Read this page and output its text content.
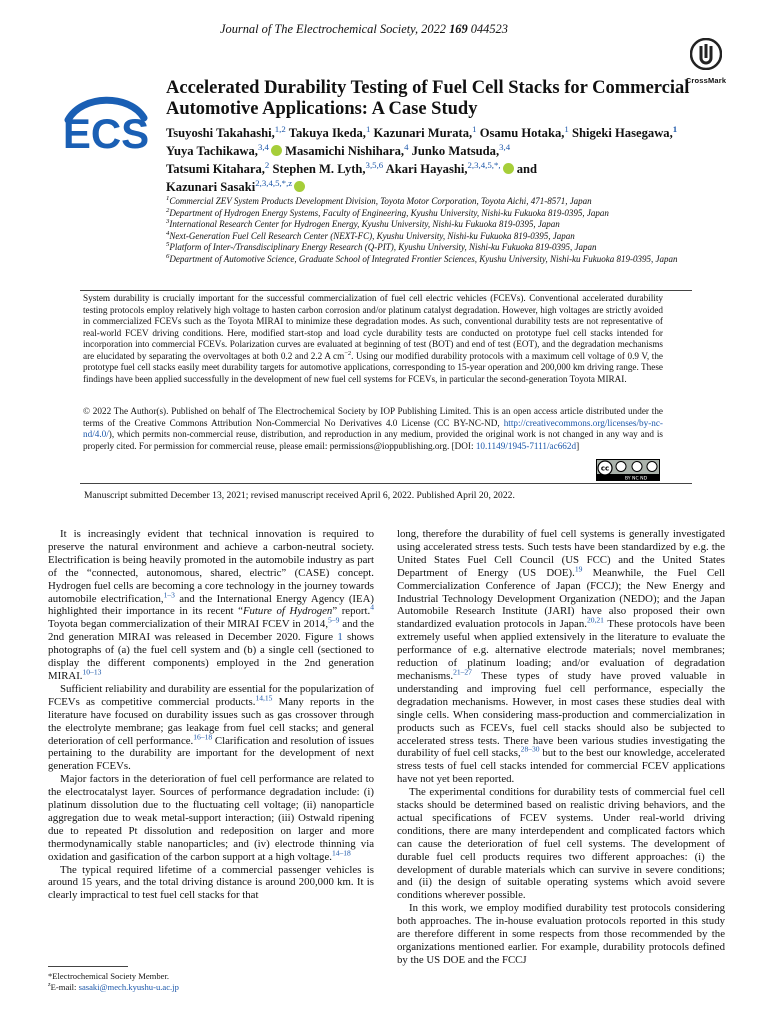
Journal of The Electrochemical Society, 2022 169 044523
CrossMark
ECS
Accelerated Durability Testing of Fuel Cell Stacks for Commercial Automotive Applications: A Case Study
Tsuyoshi Takahashi,$^{1,2}$ Takuya Ikeda,$^1$ Kazunari Murata,$^1$ Osamu Hotaka,$^1$ Shigeki Hasegawa,$^1$ Yuya Tachikawa,$^{3,4}$ Masamichi Nishihara,$^4$ Junko Matsuda,$^{3,4}$
Tatsumi Kitahara,$^2$ Stephen M. Lyth,$^{3,5,6}$ Akari Hayashi,$^{2,3,4,5,*,}$ and
Kazunari Sasaki$^{2,3,4,5,*,z}$
$^1$Commercial ZEV System Products Development Division, Toyota Motor Corporation, Toyota Aichi, 471-8571, Japan
$^2$Department of Hydrogen Energy Systems, Faculty of Engineering, Kyushu University, Nishi-ku Fukuoka 819-0395, Japan
$^3$International Research Center for Hydrogen Energy, Kyushu University, Nishi-ku Fukuoka 819-0395, Japan
$^4$Next-Generation Fuel Cell Research Center (NEXT-FC), Kyushu University, Nishi-ku Fukuoka 819-0395, Japan
$^5$Platform of Inter-/Transdisciplinary Energy Research (Q-PIT), Kyushu University, Nishi-ku Fukuoka 819-0395, Japan
$^6$Department of Automotive Science, Graduate School of Integrated Frontier Sciences, Kyushu University, Nishi-ku Fukuoka 819-0395, Japan

System durability is crucially important for the successful commercialization of fuel cell electric vehicles (FCEVs). Conventional accelerated durability testing protocols employ relatively high voltage to hasten carbon corrosion and/or platinum catalyst degradation. However, high voltages are strictly avoided in commercialized FCEVs such as the Toyota MIRAI to minimize these degradation modes. As such, conventional durability tests are not representative of real-world FCEV driving conditions. Here, modified start-stop and load cycle durability tests are conducted on prototype fuel cell stacks intended for incorporation into commercial FCEVs. Polarization curves are evaluated at beginning of test (BOT) and end of test (EOT), and the degradation mechanisms are elucidated by separating the overvoltages at both 0.2 and 2.2 A $cm^{-2}$. Using our modified durability protocols with a maximum cell voltage of 0.9 V, the prototype fuel cell stacks easily meet durability targets for automotive applications, corresponding to 15-year operation and 200,000 km driving range. These findings have been applied successfully in the development of new fuel cell systems for FCEVs, in particular the second-generation Toyota MIRAI.

© 2022 The Author(s). Published on behalf of The Electrochemical Society by IOP Publishing Limited. This is an open access article distributed under the terms of the Creative Commons Attribution Non-Commercial No Derivatives 4.0 License (CC BY-NC-ND, http://creativecommons.org/licenses/by-nc-nd/4.0/), which permits non-commercial reuse, distribution, and reproduction in any medium, provided the original work is not changed in any way and is properly cited. For permission for commercial reuse, please email: permissions@ioppublishing.org. [DOI: 10.1149/1945-7111/ac662d]

cc
BY NC ND
Manuscript submitted December 13, 2021; revised manuscript received April 6, 2022. Published April 20, 2022.

It is increasingly evident that technical innovation is required to preserve the natural environment and achieve a carbon-neutral society. Electrification is being heavily promoted in the automobile industry as part of the “connected, autonomous, shared, electric” (CASE) concept. Hydrogen fuel cells are becoming a core technology in the journey towards automobile electrification,$^{1-3}$ and the International Energy Agency (IEA) highlighted their importance in its recent “Future of Hydrogen” report.$^4$ Toyota began commercialization of their MIRAI FCEV in 2014,$^{5-9}$ and the 2nd generation MIRAI was released in December 2020. Figure 1 shows photographs of (a) the fuel cell system and (b) a single cell (sectioned to display the different components) employed in the 2nd generation MIRAI.$^{10-13}$

Sufficient reliability and durability are essential for the popularization of FCEVs as competitive commercial products.$^{14,15}$ Many reports in the literature have focused on durability issues such as gas crossover through the electrolyte membrane; gas leakage from fuel cell stacks; and general deterioration of cell performance.$^{16-18}$ Clarification and resolution of issues pertaining to the durability are important for the development of next generation FCEVs.

Major factors in the deterioration of fuel cell performance are related to the electrocatalyst layer. Sources of performance degradation include: (i) platinum dissolution due to the fluctuating cell voltage; (ii) nanoparticle aggregation due to weak metal-support interaction; (iii) Ostwald ripening due to repeated Pt dissolution and redeposition on larger and more thermodynamically stable nanoparticles; and (iv) electrode thinning via oxidation and gasification of the carbon support at a high voltage.$^{14-18}$

The typical required lifetime of a commercial passenger vehicles is around 15 years, and the total driving distance is around 200,000 km. It is clearly impractical to test fuel cell stacks for that

*Electrochemical Society Member.
$^z$E-mail: sasaki@mech.kyushu-u.ac.jp

long, therefore the durability of fuel cell systems is generally investigated using accelerated stress tests. Such tests have been standardized by e.g. the United States Fuel Cell Council (US FCC) and the United States Department of Energy (US DOE).$^{19}$ Meanwhile, the Fuel Cell Commercialization Conference of Japan (FCCJ); the New Energy and Industrial Technology Development Organization (NEDO); and the Japan Automobile Research Institute (JARI) have also proposed their own standardized evaluation protocols in Japan.$^{20,21}$ These protocols have been extremely useful when applied extensively in the literature to evaluate the performance of e.g. alternative electrode materials; novel membranes; reduction of platinum loading; and/or evaluation of degradation mechanisms.$^{21-27}$ These types of study have proved valuable in understanding and improving fuel cell performance, especially the degradation mechanisms. However, in most cases these studies deal with single cells. When considering mass-production and commercialization in products such as FCEVs, fuel cell stacks should also be subjected to accelerated stress tests. There have been various studies investigating the durability of fuel cell stacks,$^{28-30}$ but to the best our knowledge, accelerated stress tests of fuel cell stacks intended for commercial FCEV applications have not yet been reported.

The experimental conditions for durability tests of commercial fuel cell stacks should be determined based on realistic driving behaviors, and the actual specifications of FCEV systems. Under real-world driving conditions, there are many interdependent and complicated factors which can cause the deterioration of fuel cell systems. The development of durable fuel cell products requires two different approaches: (i) the development of durable materials which can survive in severe conditions; and (ii) the design of suitable operating systems which avoid severe conditions wherever possible.

In this work, we employ modified durability test protocols considering both approaches. The in-house evaluation protocols reported in this study are therefore different in some respects from those recommended by the organizations mentioned earlier. For example, durability protocols defined by the US DOE and the FCCJ
